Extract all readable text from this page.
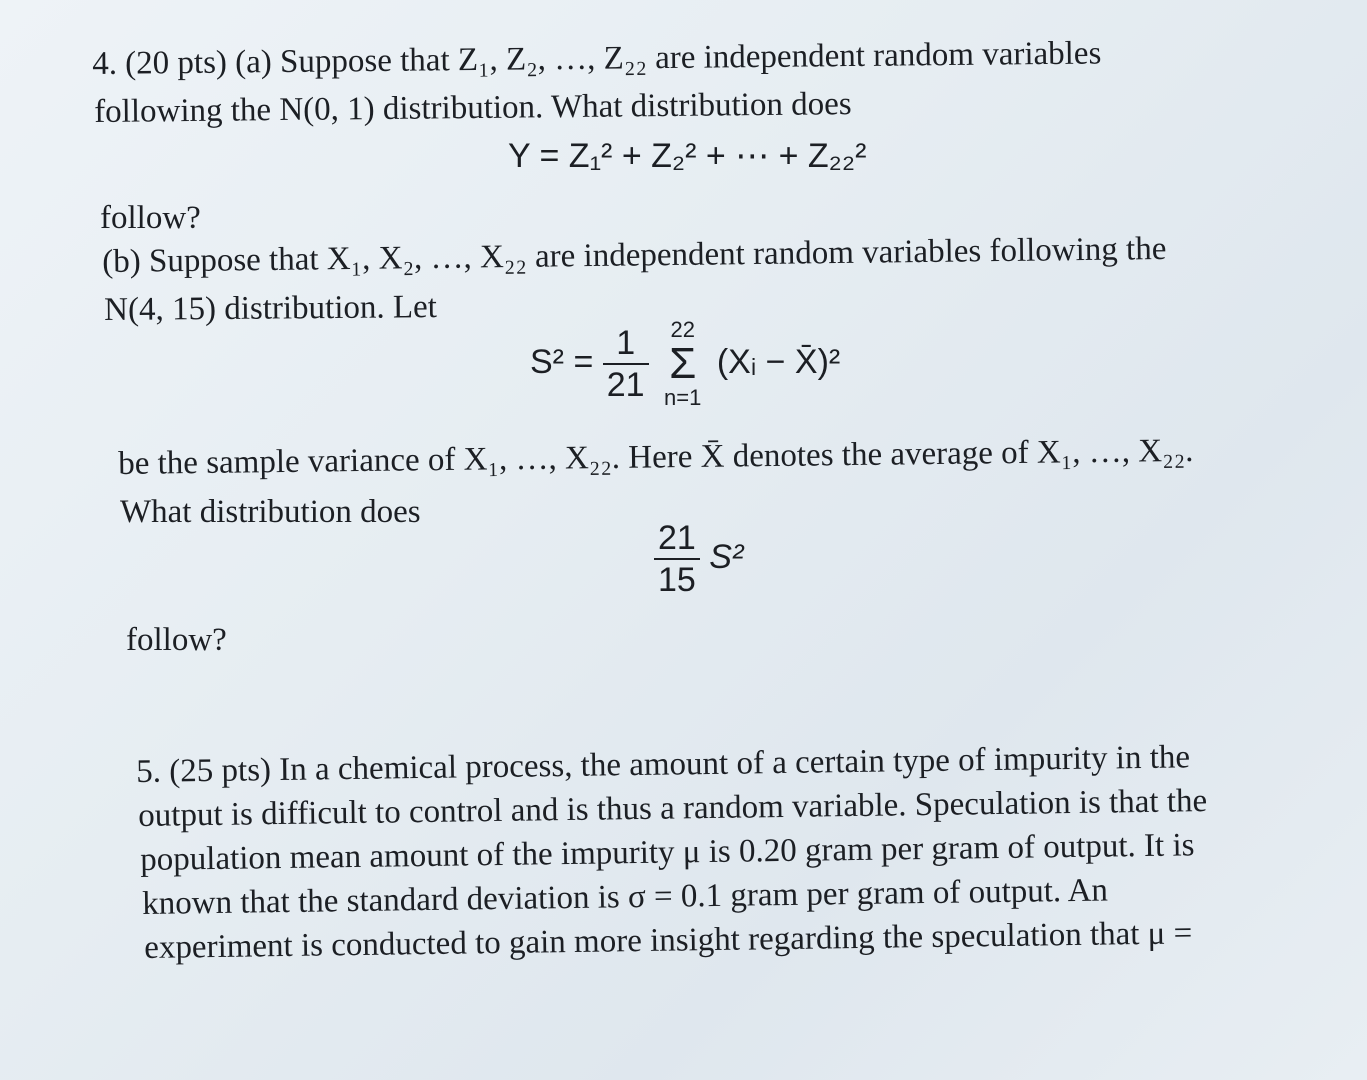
4. (20 pts) (a) Suppose that Z₁, Z₂, …, Z₂₂ are independent random variables
following the N(0, 1) distribution. What distribution does
Y = Z₁² + Z₂² + ⋯ + Z₂₂²
follow?
(b) Suppose that X₁, X₂, …, X₂₂ are independent random variables following the
N(4, 15) distribution. Let
$S^2 = \frac{1}{21}$
22
Σ
n=1
(Xᵢ − X̄)²
be the sample variance of X₁, …, X₂₂. Here X̄ denotes the average of X₁, …, X₂₂.
What distribution does
$\frac{21}{15} S^2$
follow?
5. (25 pts) In a chemical process, the amount of a certain type of impurity in the
output is difficult to control and is thus a random variable. Speculation is that the
population mean amount of the impurity μ is 0.20 gram per gram of output. It is
known that the standard deviation is σ = 0.1 gram per gram of output. An
experiment is conducted to gain more insight regarding the speculation that μ =
